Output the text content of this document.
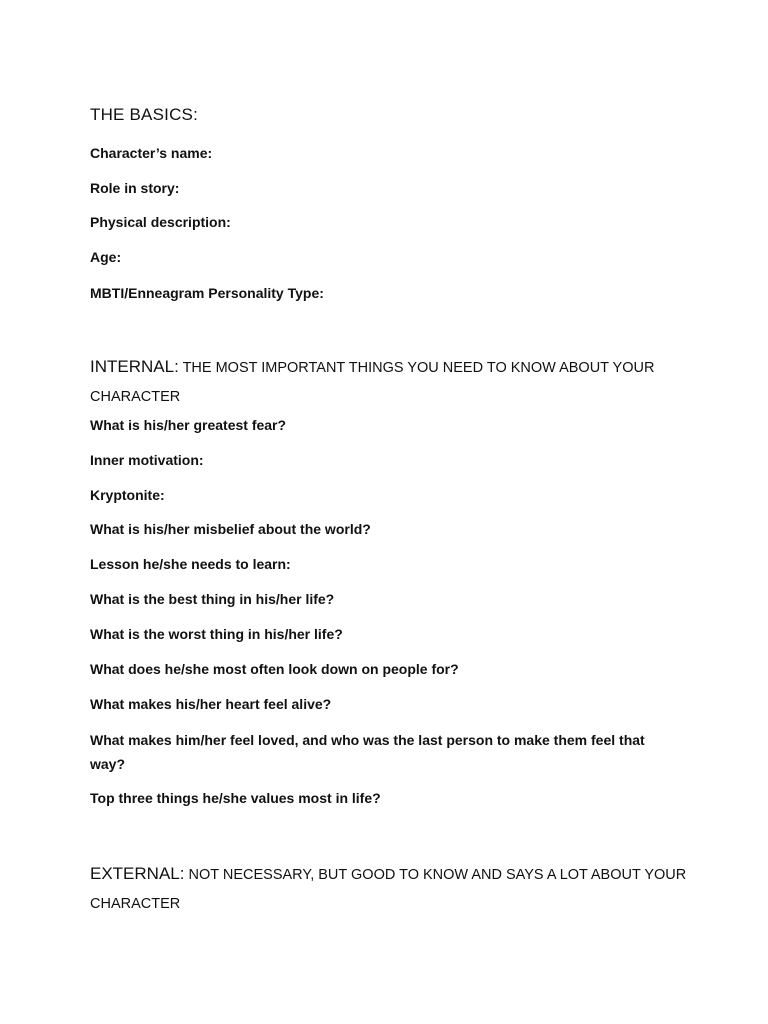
THE BASICS:

Character’s name:

Role in story:

Physical description:

Age:

MBTI/Enneagram Personality Type:

INTERNAL: THE MOST IMPORTANT THINGS YOU NEED TO KNOW ABOUT YOUR CHARACTER

What is his/her greatest fear?

Inner motivation:

Kryptonite:

What is his/her misbelief about the world?

Lesson he/she needs to learn:

What is the best thing in his/her life?

What is the worst thing in his/her life?

What does he/she most often look down on people for?

What makes his/her heart feel alive?

What makes him/her feel loved, and who was the last person to make them feel that way?

Top three things he/she values most in life?

EXTERNAL: NOT NECESSARY, BUT GOOD TO KNOW AND SAYS A LOT ABOUT YOUR CHARACTER
